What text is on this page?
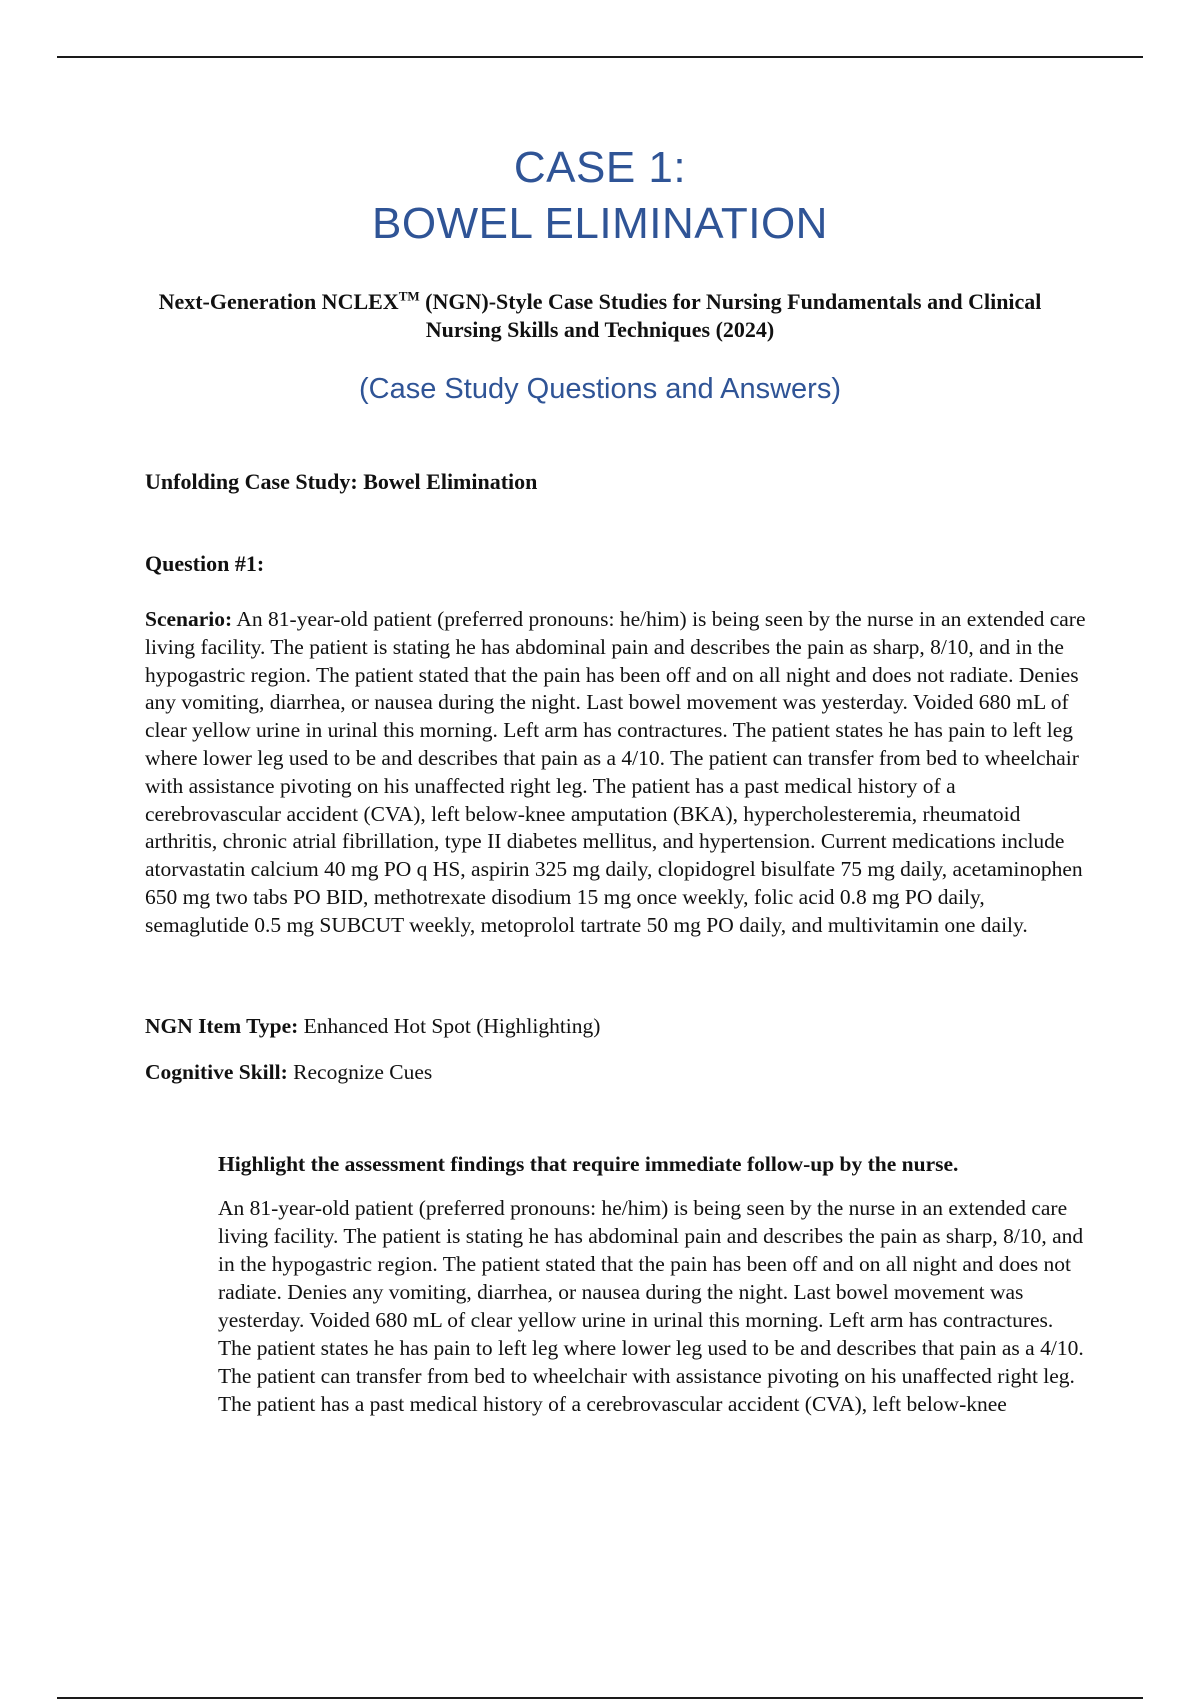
CASE 1:
BOWEL ELIMINATION
Next-Generation NCLEX™ (NGN)-Style Case Studies for Nursing Fundamentals and Clinical Nursing Skills and Techniques (2024)
(Case Study Questions and Answers)
Unfolding Case Study: Bowel Elimination
Question #1:

Scenario: An 81-year-old patient (preferred pronouns: he/him) is being seen by the nurse in an extended care living facility. The patient is stating he has abdominal pain and describes the pain as sharp, 8/10, and in the hypogastric region. The patient stated that the pain has been off and on all night and does not radiate. Denies any vomiting, diarrhea, or nausea during the night. Last bowel movement was yesterday. Voided 680 mL of clear yellow urine in urinal this morning. Left arm has contractures. The patient states he has pain to left leg where lower leg used to be and describes that pain as a 4/10. The patient can transfer from bed to wheelchair with assistance pivoting on his unaffected right leg. The patient has a past medical history of a cerebrovascular accident (CVA), left below-knee amputation (BKA), hypercholesteremia, rheumatoid arthritis, chronic atrial fibrillation, type II diabetes mellitus, and hypertension. Current medications include atorvastatin calcium 40 mg PO q HS, aspirin 325 mg daily, clopidogrel bisulfate 75 mg daily, acetaminophen 650 mg two tabs PO BID, methotrexate disodium 15 mg once weekly, folic acid 0.8 mg PO daily, semaglutide 0.5 mg SUBCUT weekly, metoprolol tartrate 50 mg PO daily, and multivitamin one daily.

NGN Item Type: Enhanced Hot Spot (Highlighting)
Cognitive Skill: Recognize Cues
Highlight the assessment findings that require immediate follow-up by the nurse.

An 81-year-old patient (preferred pronouns: he/him) is being seen by the nurse in an extended care living facility. The patient is stating he has abdominal pain and describes the pain as sharp, 8/10, and in the hypogastric region. The patient stated that the pain has been off and on all night and does not radiate. Denies any vomiting, diarrhea, or nausea during the night. Last bowel movement was yesterday. Voided 680 mL of clear yellow urine in urinal this morning. Left arm has contractures. The patient states he has pain to left leg where lower leg used to be and describes that pain as a 4/10. The patient can transfer from bed to wheelchair with assistance pivoting on his unaffected right leg. The patient has a past medical history of a cerebrovascular accident (CVA), left below-knee
